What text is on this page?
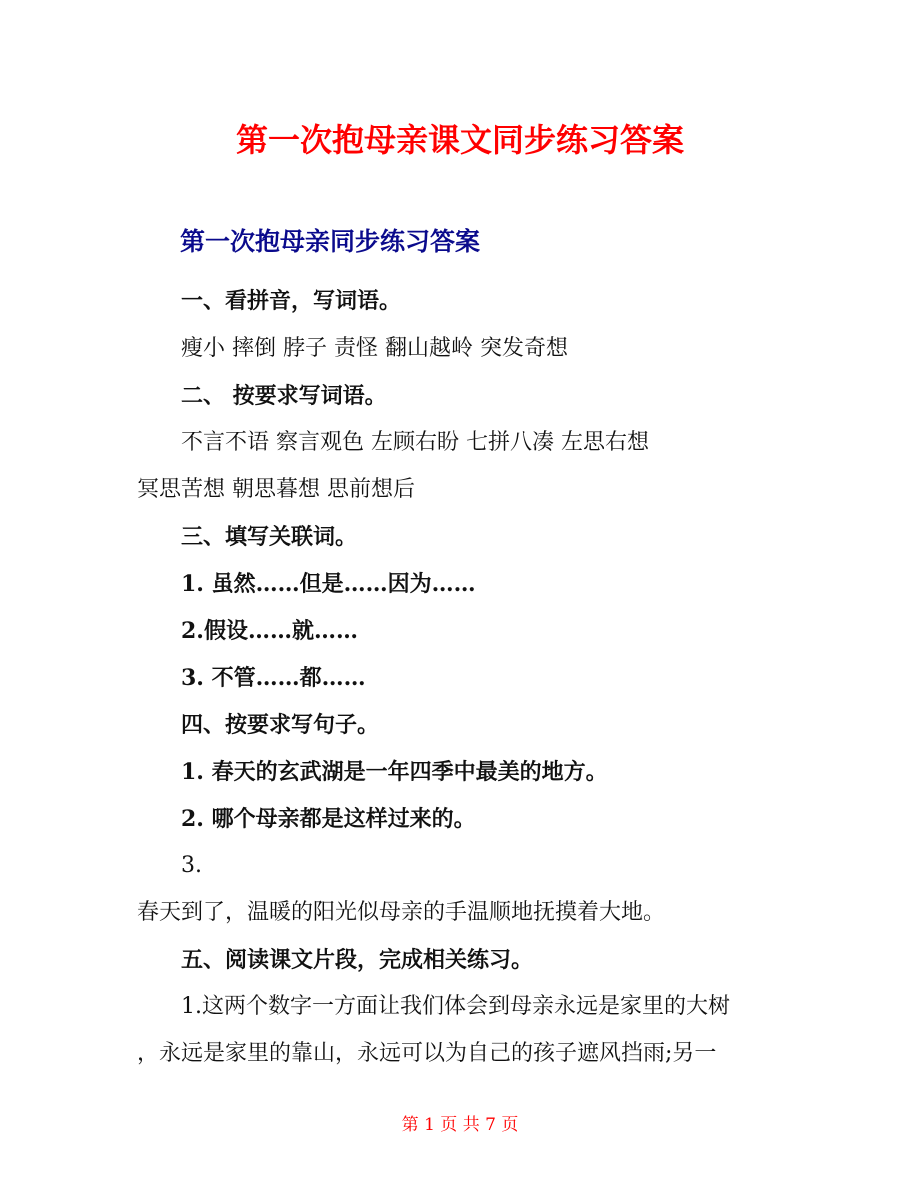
第一次抱母亲课文同步练习答案
第一次抱母亲同步练习答案
一、看拼音，写词语。
瘦小 摔倒 脖子 责怪 翻山越岭 突发奇想
二、 按要求写词语。
不言不语 察言观色 左顾右盼 七拼八凑 左思右想
冥思苦想 朝思暮想 思前想后
三、填写关联词。
1. 虽然……但是……因为……
2.假设……就……
3. 不管……都……
四、按要求写句子。
1. 春天的玄武湖是一年四季中最美的地方。
2. 哪个母亲都是这样过来的。
3.
春天到了，温暖的阳光似母亲的手温顺地抚摸着大地。
五、阅读课文片段，完成相关练习。
1.这两个数字一方面让我们体会到母亲永远是家里的大树
，永远是家里的靠山，永远可以为自己的孩子遮风挡雨;另一
第 1 页 共 7 页
